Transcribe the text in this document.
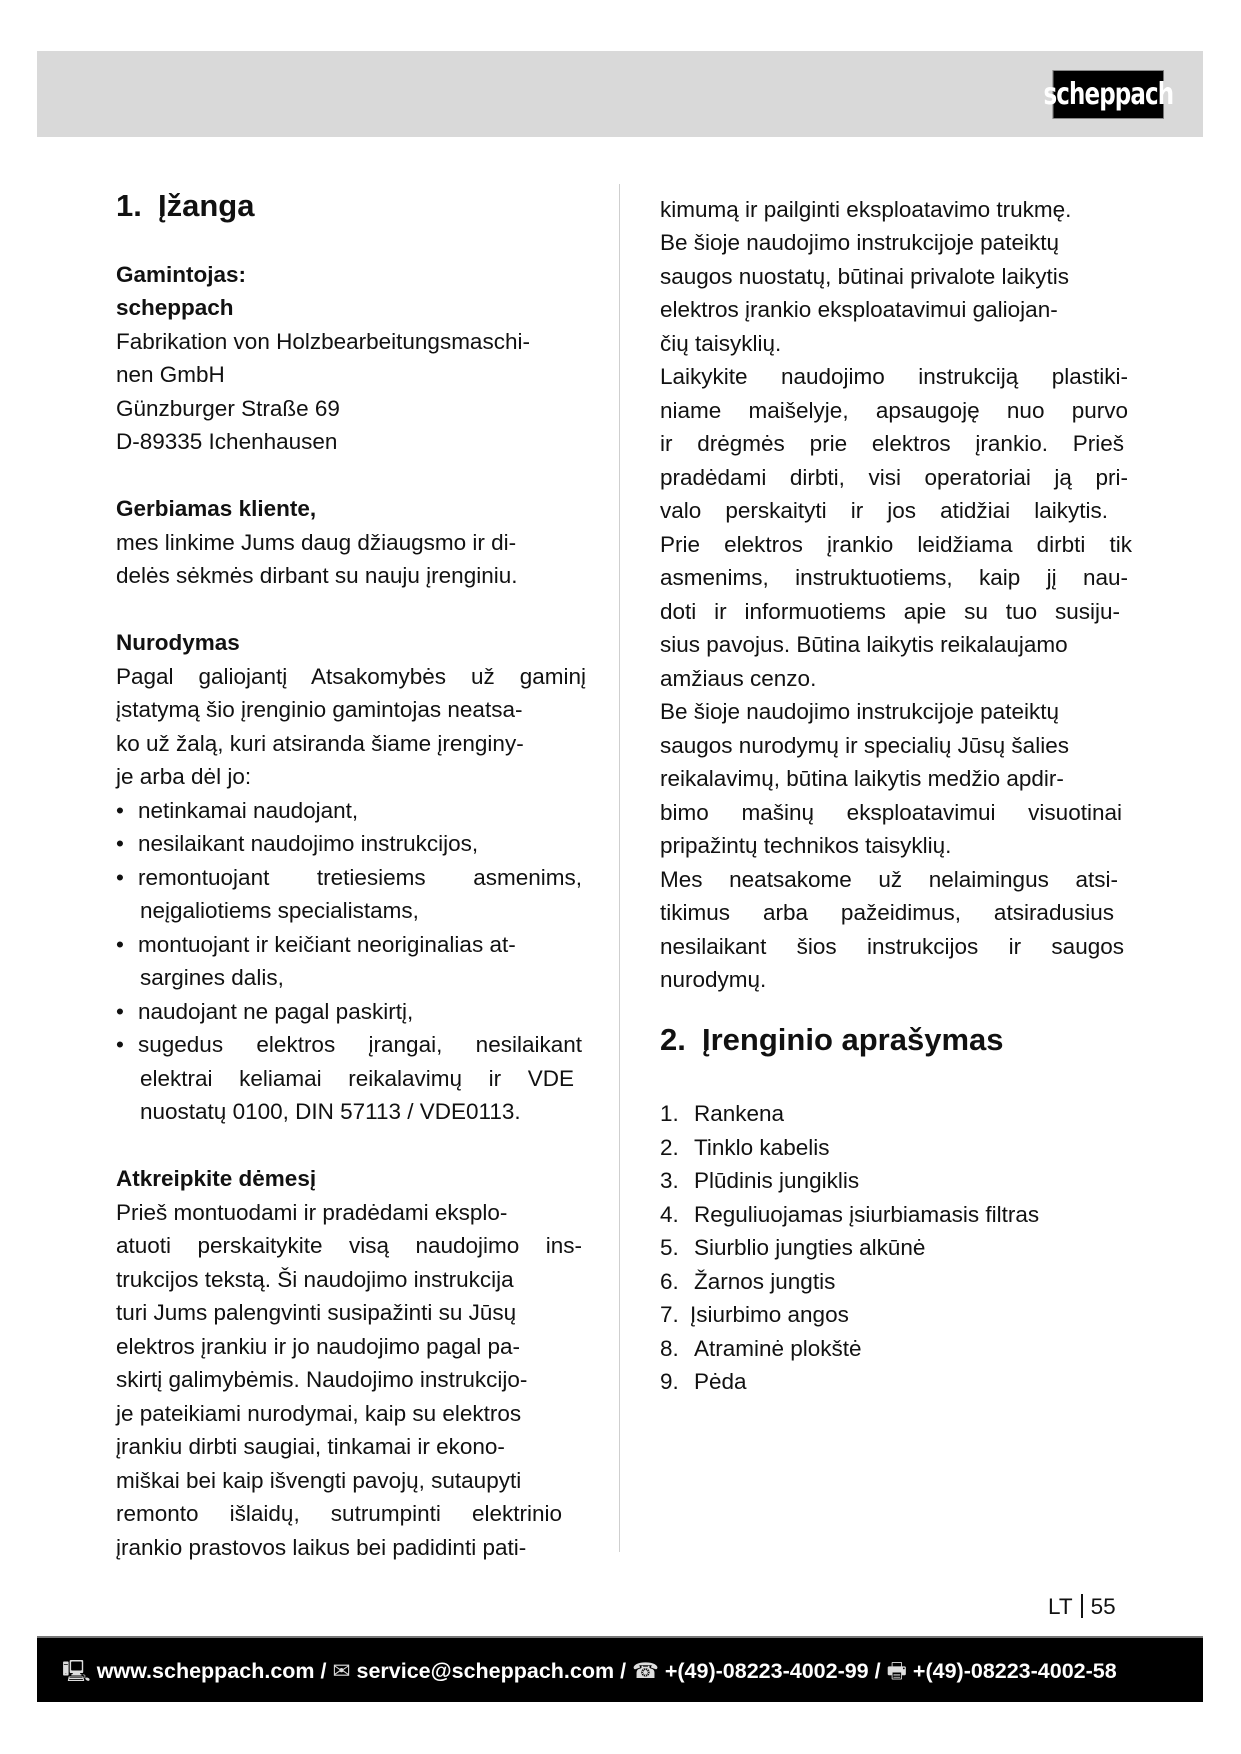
scheppach
1. Įžanga
Gamintojas:
scheppach
Fabrikation von Holzbearbeitungsmaschi-
nen GmbH
Günzburger Straße 69
D-89335 Ichenhausen
Gerbiamas kliente,
mes linkime Jums daug džiaugsmo ir di-
delės sėkmės dirbant su nauju įrenginiu.
Nurodymas
Pagal galiojantį Atsakomybės už gaminį
įstatymą šio įrenginio gamintojas neatsa-
ko už žalą, kuri atsiranda šiame įrenginy-
je arba dėl jo:
• netinkamai naudojant,
• nesilaikant naudojimo instrukcijos,
• remontuojant tretiesiems asmenims,
neįgaliotiems specialistams,
• montuojant ir keičiant neoriginalias at-
sargines dalis,
• naudojant ne pagal paskirtį,
• sugedus elektros įrangai, nesilaikant
elektrai keliamai reikalavimų ir VDE
nuostatų 0100, DIN 57113 / VDE0113.
Atkreipkite dėmesį
Prieš montuodami ir pradėdami eksplo-
atuoti perskaitykite visą naudojimo ins-
trukcijos tekstą. Ši naudojimo instrukcija
turi Jums palengvinti susipažinti su Jūsų
elektros įrankiu ir jo naudojimo pagal pa-
skirtį galimybėmis. Naudojimo instrukcijo-
je pateikiami nurodymai, kaip su elektros
įrankiu dirbti saugiai, tinkamai ir ekono-
miškai bei kaip išvengti pavojų, sutaupyti
remonto išlaidų, sutrumpinti elektrinio
įrankio prastovos laikus bei padidinti pati-
kimumą ir pailginti eksploatavimo trukmę.
Be šioje naudojimo instrukcijoje pateiktų
saugos nuostatų, būtinai privalote laikytis
elektros įrankio eksploatavimui galiojan-
čių taisyklių.
Laikykite naudojimo instrukciją plastiki-
niame maišelyje, apsaugoję nuo purvo
ir drėgmės prie elektros įrankio. Prieš
pradėdami dirbti, visi operatoriai ją pri-
valo perskaityti ir jos atidžiai laikytis.
Prie elektros įrankio leidžiama dirbti tik
asmenims, instruktuotiems, kaip jį nau-
doti ir informuotiems apie su tuo susiju-
sius pavojus. Būtina laikytis reikalaujamo
amžiaus cenzo.
Be šioje naudojimo instrukcijoje pateiktų
saugos nurodymų ir specialių Jūsų šalies
reikalavimų, būtina laikytis medžio apdir-
bimo mašinų eksploatavimui visuotinai
pripažintų technikos taisyklių.
Mes neatsakome už nelaimingus atsi-
tikimus arba pažeidimus, atsiradusius
nesilaikant šios instrukcijos ir saugos
nurodymų.
2. Įrenginio aprašymas
1. Rankena
2. Tinklo kabelis
3. Plūdinis jungiklis
4. Reguliuojamas įsiurbiamasis filtras
5. Siurblio jungties alkūnė
6. Žarnos jungtis
7. Įsiurbimo angos
8. Atraminė plokštė
9. Pėda
LT 55
🖳︎ www.scheppach.com / ✉︎ service@scheppach.com / ☎︎ +(49)-08223-4002-99 / 🖶︎ +(49)-08223-4002-58
